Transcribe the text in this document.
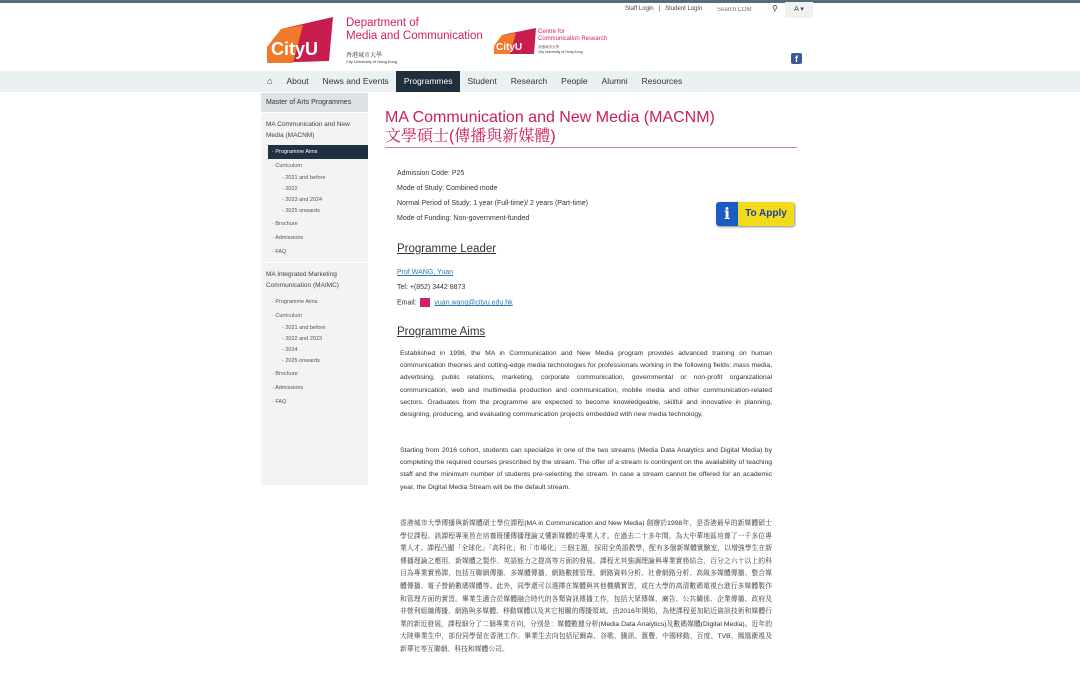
Staff Login | Student Login
Search COM	⚲	A ▾
CityU
Department of
Media and Communication
香港城市大學
City University of Hong Kong
CityU
Centre for
Communication Research
香港城市大學
City University of Hong Kong
f
⌂	About	News and Events	Programmes	Student	Research	People	Alumni	Resources
Master of Arts Programmes
MA Communication and New Media (MACNM)
· Programme Aims
· Curriculum
- 2021 and before
- 2022
- 2023 and 2024
- 2025 onwards
· Brochure
· Admissions
· FAQ
MA Integrated Marketing Communication (MAIMC)
· Programme Aims
· Curriculum
- 2021 and before
- 2022 and 2023
- 2024
- 2025 onwards
· Brochure
· Admissions
· FAQ
MA Communication and New Media (MACNM)
文學碩士(傳播與新媒體)
Admission Code: P25
Mode of Study: Combined mode
Normal Period of Study: 1 year (Full-time)/ 2 years (Part-time)
Mode of Funding: Non-government-funded	i	To Apply
Programme Leader
Prof WANG, Yuan
Tel: +(852) 3442 8873
Email:	yuan.wang@cityu.edu.hk
Programme Aims
Established in 1998, the MA in Communication and New Media program provides advanced training on human communication theories and cutting-edge media technologies for professionals working in the following fields: mass media, advertising, public relations, marketing, corporate communication, governmental or non-profit organizational communication, web and multimedia production and communication, mobile media and other communication-related sectors. Graduates from the programme are expected to become knowledgeable, skillful and innovative in planning, designing, producing, and evaluating communication projects embedded with new media technology.
Starting from 2016 cohort, students can specialize in one of the two streams (Media Data Analytics and Digital Media) by completing the required courses prescribed by the stream. The offer of a stream is contingent on the availability of teaching staff and the minimum number of students pre-selecting the stream. In case a stream cannot be offered for an academic year, the Digital Media Stream will be the default stream.
香港城市大學傳播與新媒體碩士學位課程(MA in Communication and New Media) 創辦於1998年，是香港最早的新媒體碩士學位課程。該課程專案旨在培養既懂傳播理論又懂新媒體的專業人才。在過去二十多年間，為大中華地區培養了一千多位專業人才。課程凸顯「全球化」「高科化」和「市場化」三個主題，採用全英語教學，配有多個新媒體實驗室，以增強學生在新傳播理論之應用、新媒體之製作、英語能力之提高等方面的發展。課程尤其強調理論與專業實務結合，百分之六十以上的科目為專業實務課，包括互聯網傳播、多媒體傳播、網路數據管理、網路資料分析、社會網路分析、高級多媒體傳播、整合媒體傳播、電子營銷數碼媒體等。此外，同學還可以選擇在媒體與其他機構實習，或在大學的高清數碼電視台進行多媒體製作和管理方面的實習。畢業生適合於媒體融合時代的各類資訊傳播工作，包括大眾傳媒、廣告、公共關係、企業傳播、政府及非營利組織傳播、網路與多媒體、移動媒體以及其它相關的傳播領域。由2016年開始，為使課程更加貼近資訊技術和媒體行業的新近發展，課程細分了二個專業方向，分別是：媒體數據分析(Media Data Analytics)及數碼媒體(Digital Media)。近年的大陸畢業生中，部份同學留在香港工作。畢業生去向包括尼爾森、谷歌、騰訊、滙豐、中國移動、百度、TVB、鳳凰衛視及新華社等互聯網、科技和媒體公司。
